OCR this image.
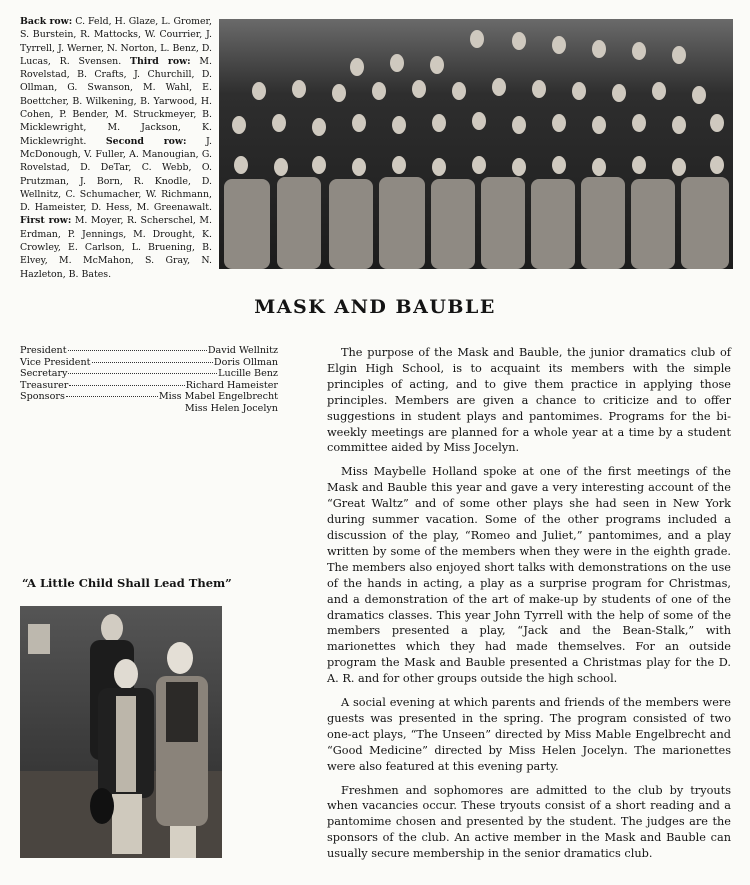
Back row: C. Feld, H. Glaze, L. Gromer, S. Burstein, R. Mattocks, W. Courrier, J. Tyrrell, J. Werner, N. Norton, L. Benz, D. Lucas, R. Svensen. Third row: M. Rovelstad, B. Crafts, J. Churchill, D. Ollman, G. Swanson, M. Wahl, E. Boettcher, B. Wilkening, B. Yarwood, H. Cohen, P. Bender, M. Struckmeyer, B. Micklewright, M. Jackson, K. Micklewright. Second row: J. McDonough, V. Fuller, A. Manougian, G. Rovelstad, D. DeTar, C. Webb, O. Prutzman, J. Born, R. Knodle, D. Wellnitz, C. Schumacher, W. Richmann, D. Hameister, D. Hess, M. Greenawalt. First row: M. Moyer, R. Scherschel, M. Erdman, P. Jennings, M. Drought, K. Crowley, E. Carlson, L. Bruening, B. Elvey, M. McMahon, S. Gray, N. Hazleton, B. Bates.
MASK AND BAUBLE
President	David Wellnitz
Vice President	Doris Ollman
Secretary	Lucille Benz
Treasurer	Richard Hameister
Sponsors	Miss Mabel Engelbrecht
Miss Helen Jocelyn
“A Little Child Shall Lead Them”

The purpose of the Mask and Bauble, the junior dramatics club of Elgin High School, is to acquaint its members with the simple principles of acting, and to give them practice in applying those principles. Members are given a chance to criticize and to offer suggestions in student plays and pantomimes. Programs for the bi-weekly meetings are planned for a whole year at a time by a student committee aided by Miss Jocelyn.

Miss Maybelle Holland spoke at one of the first meetings of the Mask and Bauble this year and gave a very interesting account of the “Great Waltz” and of some other plays she had seen in New York during summer vacation. Some of the other programs included a discussion of the play, “Romeo and Juliet,” pantomimes, and a play written by some of the members when they were in the eighth grade. The members also enjoyed short talks with demonstrations on the use of the hands in acting, a play as a surprise program for Christmas, and a demonstration of the art of make-up by students of one of the dramatics classes. This year John Tyrrell with the help of some of the members presented a play, “Jack and the Bean-Stalk,” with marionettes which they had made themselves. For an outside program the Mask and Bauble presented a Christmas play for the D. A. R. and for other groups outside the high school.

A social evening at which parents and friends of the members were guests was presented in the spring. The program consisted of two one-act plays, “The Unseen” directed by Miss Mable Engelbrecht and “Good Medicine” directed by Miss Helen Jocelyn. The marionettes were also featured at this evening party.

Freshmen and sophomores are admitted to the club by tryouts when vacancies occur. These tryouts consist of a short reading and a pantomime chosen and presented by the student. The judges are the sponsors of the club. An active member in the Mask and Bauble can usually secure membership in the senior dramatics club.
